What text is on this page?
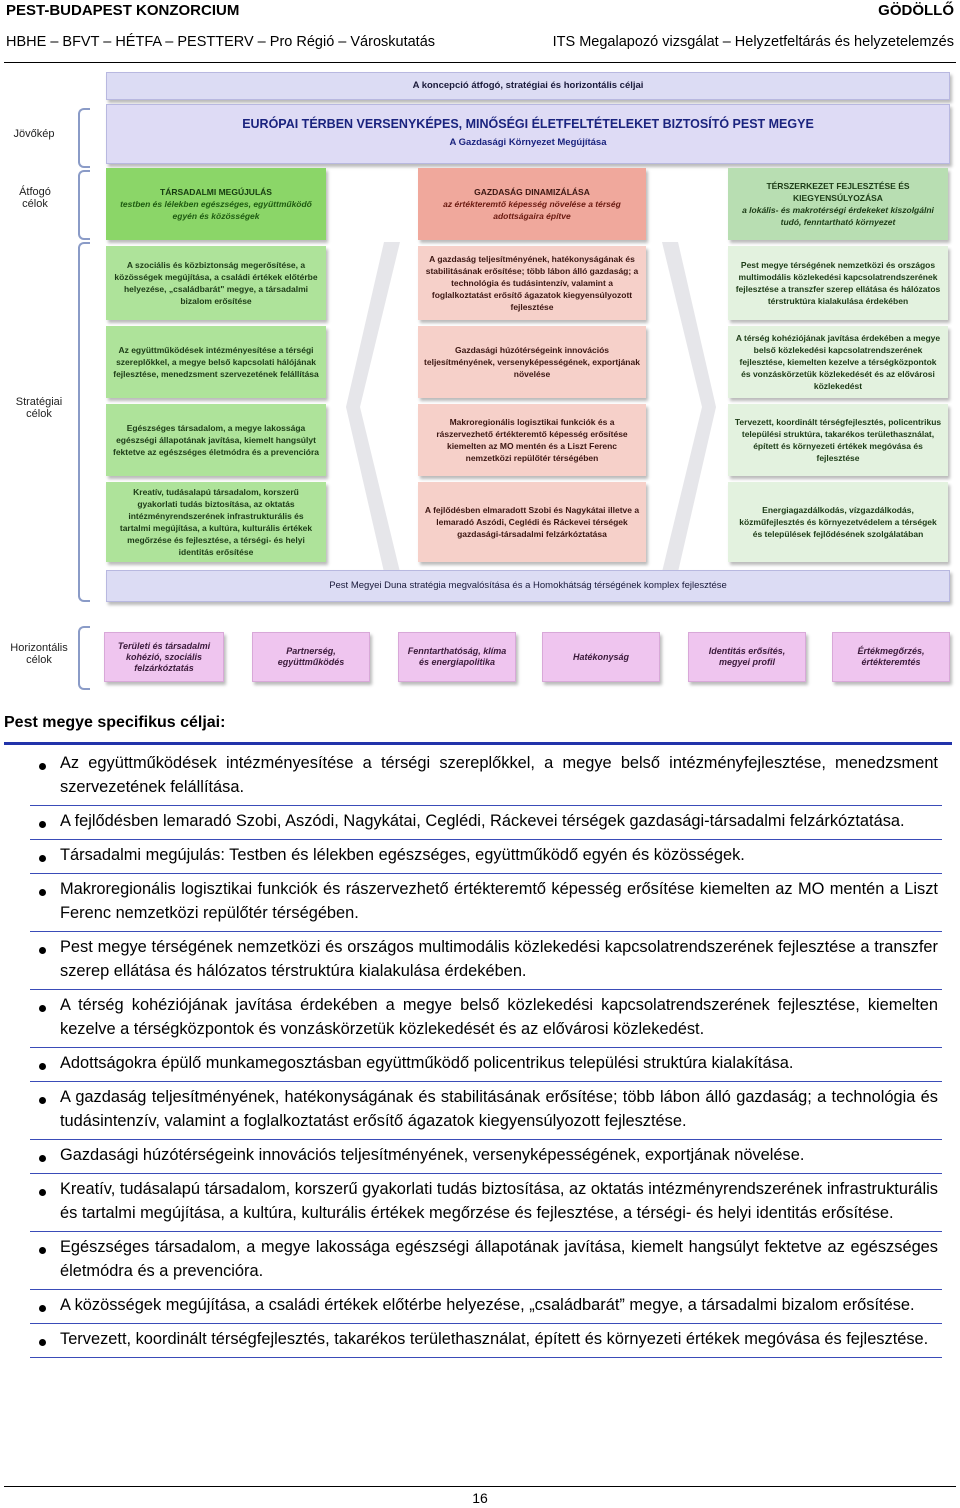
PEST-BUDAPEST KONZORCIUM	GÖDÖLLŐ
HBHE – BFVT – HÉTFA – PESTTERV – Pro Régió – Városkutatás	ITS Megalapozó vizsgálat – Helyzetfeltárás és helyzetelemzés
Jövőkép
Átfogó célok
Stratégiai célok
Horizontális célok
A koncepció átfogó, stratégiai és horizontális céljai
EURÓPAI TÉRBEN VERSENYKÉPES, MINŐSÉGI ÉLETFELTÉTELEKET BIZTOSÍTÓ PEST MEGYE
A Gazdasági Környezet Megújítása
TÁRSADALMI MEGÚJULÁS
testben és lélekben egészséges, együttműködő egyén és közösségek
GAZDASÁG DINAMIZÁLÁSA
az értékteremtő képesség növelése a térség adottságaira építve
TÉRSZERKEZET FEJLESZTÉSE ÉS KIEGYENSÚLYOZÁSA
a lokális- és makrotérségi érdekeket kiszolgálni tudó, fenntartható környezet
A szociális és közbiztonság megerősítése, a közösségek megújítása, a családi értékek előtérbe helyezése, „családbarát" megye, a társadalmi bizalom erősítése
Az együttműködések intézményesítése a térségi szereplőkkel, a megye belső kapcsolati hálójának fejlesztése, menedzsment szervezetének felállítása
Egészséges társadalom, a megye lakossága egészségi állapotának javítása, kiemelt hangsúlyt fektetve az egészséges életmódra és a prevencióra
Kreatív, tudásalapú társadalom, korszerű gyakorlati tudás biztosítása, az oktatás intézményrendszerének infrastrukturális és tartalmi megújítása, a kultúra, kulturális értékek megőrzése és fejlesztése, a térségi- és helyi identitás erősítése
A gazdaság teljesítményének, hatékonyságának és stabilitásának erősítése; több lábon álló gazdaság; a technológia és tudásintenzív, valamint a foglalkoztatást erősítő ágazatok kiegyensúlyozott fejlesztése
Gazdasági húzótérségeink innovációs teljesítményének, versenyképességének, exportjának növelése
Makroregionális logisztikai funkciók és a rászervezhető értékteremtő képesség erősítése kiemelten az MO mentén és a Liszt Ferenc nemzetközi repülőtér térségében
A fejlődésben elmaradott Szobi és Nagykátai illetve a lemaradó Aszódi, Ceglédi és Ráckevei térségek gazdasági-társadalmi felzárkóztatása
Pest megye térségének nemzetközi és országos multimodális közlekedési kapcsolatrendszerének fejlesztése a transzfer szerep ellátása és hálózatos térstruktúra kialakulása érdekében
A térség kohéziójának javítása érdekében a megye belső közlekedési kapcsolatrendszerének fejlesztése, kiemelten kezelve a térségközpontok és vonzáskörzetük közlekedését és az elővárosi közlekedést
Tervezett, koordinált térségfejlesztés, policentrikus települési struktúra, takarékos területhasználat, épített és környezeti értékek megóvása és fejlesztése
Energiagazdálkodás, vízgazdálkodás, közműfejlesztés és környezetvédelem a térségek és települések fejlődésének szolgálatában
Pest Megyei Duna stratégia megvalósítása és a Homokhátság térségének komplex fejlesztése
Területi és társadalmi kohézió, szociális felzárkóztatás
Partnerség, együttműködés
Fenntarthatóság, klíma és energiapolitika
Hatékonyság
Identitás erősítés, megyei profil
Értékmegőrzés, értékteremtés
Pest megye specifikus céljai:
Az együttműködések intézményesítése a térségi szereplőkkel, a megye belső intézményfejlesztése, menedzsment szervezetének felállítása.
A fejlődésben lemaradó Szobi, Aszódi, Nagykátai, Ceglédi, Ráckevei térségek gazdasági-társadalmi felzárkóztatása.
Társadalmi megújulás: Testben és lélekben egészséges, együttműködő egyén és közösségek.
Makroregionális logisztikai funkciók és rászervezhető értékteremtő képesség erősítése kiemelten az MO mentén a Liszt Ferenc nemzetközi repülőtér térségében.
Pest megye térségének nemzetközi és országos multimodális közlekedési kapcsolatrendszerének fejlesztése a transzfer szerep ellátása és hálózatos térstruktúra kialakulása érdekében.
A térség kohéziójának javítása érdekében a megye belső közlekedési kapcsolatrendszerének fejlesztése, kiemelten kezelve a térségközpontok és vonzáskörzetük közlekedését és az elővárosi közlekedést.
Adottságokra épülő munkamegosztásban együttműködő policentrikus települési struktúra kialakítása.
A gazdaság teljesítményének, hatékonyságának és stabilitásának erősítése; több lábon álló gazdaság; a technológia és tudásintenzív, valamint a foglalkoztatást erősítő ágazatok kiegyensúlyozott fejlesztése.
Gazdasági húzótérségeink innovációs teljesítményének, versenyképességének, exportjának növelése.
Kreatív, tudásalapú társadalom, korszerű gyakorlati tudás biztosítása, az oktatás intézményrendszerének infrastrukturális és tartalmi megújítása, a kultúra, kulturális értékek megőrzése és fejlesztése, a térségi- és helyi identitás erősítése.
Egészséges társadalom, a megye lakossága egészségi állapotának javítása, kiemelt hangsúlyt fektetve az egészséges életmódra és a prevencióra.
A közösségek megújítása, a családi értékek előtérbe helyezése, „családbarát” megye, a társadalmi bizalom erősítése.
Tervezett, koordinált térségfejlesztés, takarékos területhasználat, épített és környezeti értékek megóvása és fejlesztése.
16
